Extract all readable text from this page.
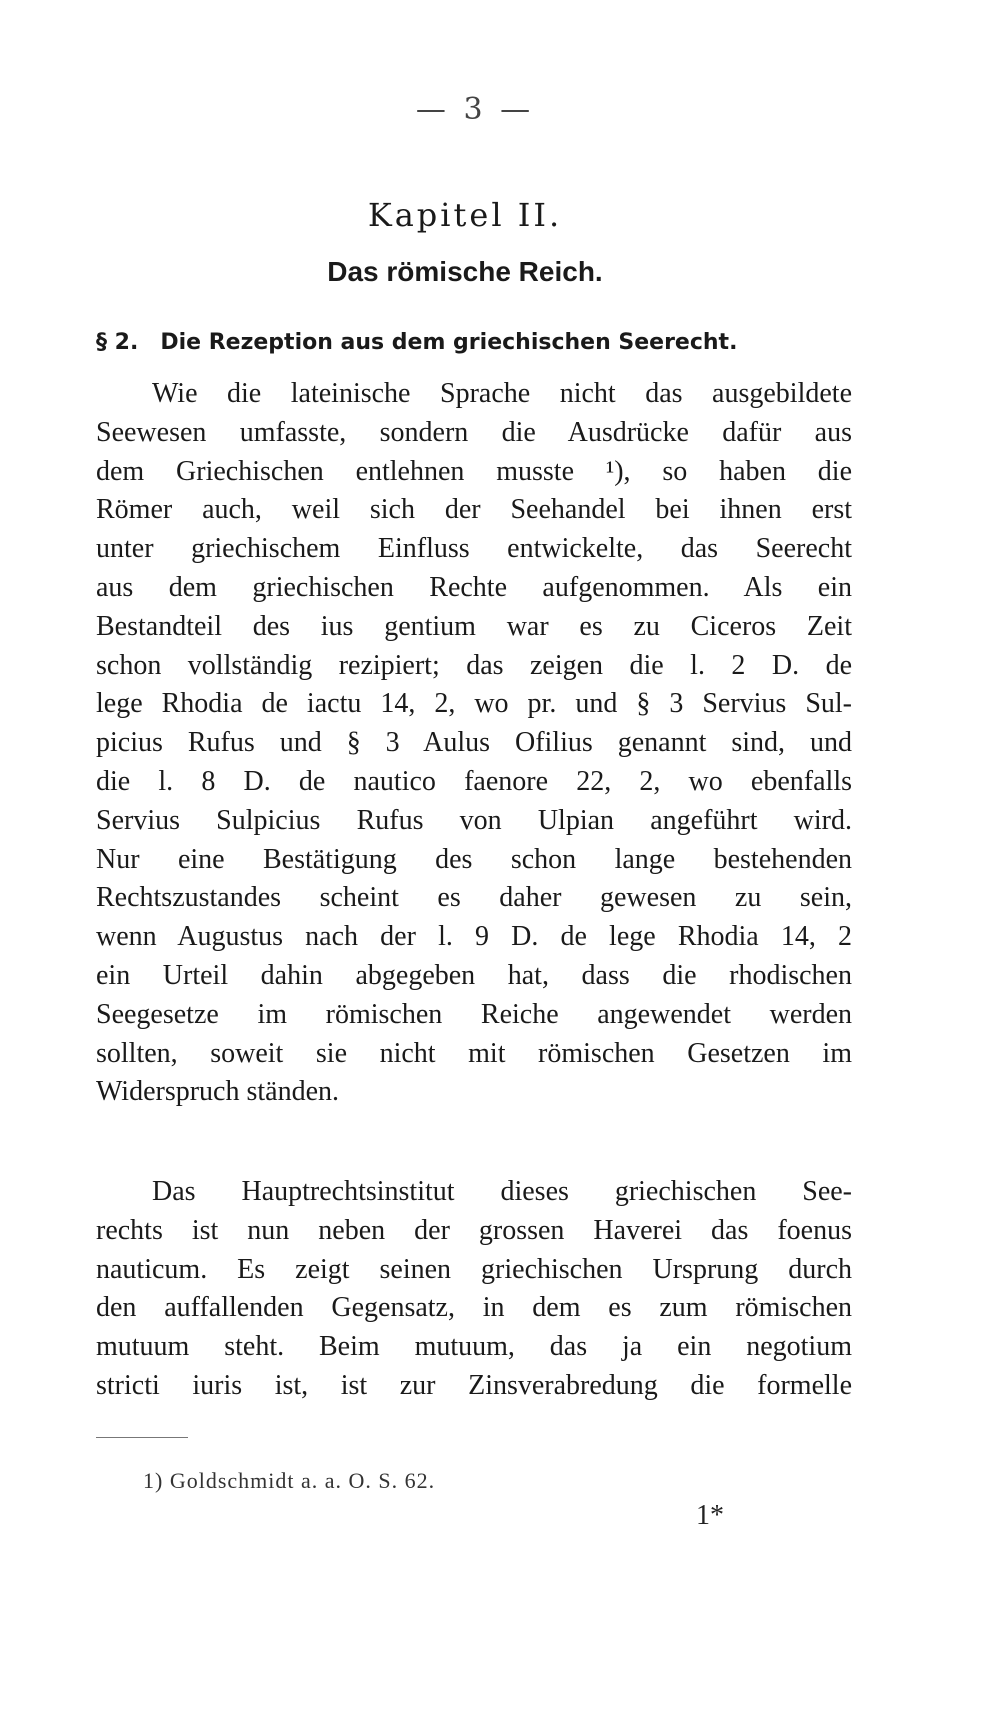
— 3 —
Kapitel II.
Das römische Reich.
§ 2. Die Rezeption aus dem griechischen Seerecht.
Wie die lateinische Sprache nicht das ausgebildete
Seewesen umfasste, sondern die Ausdrücke dafür aus
dem Griechischen entlehnen musste ¹), so haben die
Römer auch, weil sich der Seehandel bei ihnen erst
unter griechischem Einfluss entwickelte, das Seerecht
aus dem griechischen Rechte aufgenommen. Als ein
Bestandteil des ius gentium war es zu Ciceros Zeit
schon vollständig rezipiert; das zeigen die l. 2 D. de
lege Rhodia de iactu 14, 2, wo pr. und § 3 Servius Sul-
picius Rufus und § 3 Aulus Ofilius genannt sind, und
die l. 8 D. de nautico faenore 22, 2, wo ebenfalls
Servius Sulpicius Rufus von Ulpian angeführt wird.
Nur eine Bestätigung des schon lange bestehenden
Rechtszustandes scheint es daher gewesen zu sein,
wenn Augustus nach der l. 9 D. de lege Rhodia 14, 2
ein Urteil dahin abgegeben hat, dass die rhodischen
Seegesetze im römischen Reiche angewendet werden
sollten, soweit sie nicht mit römischen Gesetzen im
Widerspruch ständen.
Das Hauptrechtsinstitut dieses griechischen See-
rechts ist nun neben der grossen Haverei das foenus
nauticum. Es zeigt seinen griechischen Ursprung durch
den auffallenden Gegensatz, in dem es zum römischen
mutuum steht. Beim mutuum, das ja ein negotium
stricti iuris ist, ist zur Zinsverabredung die formelle
1) Goldschmidt a. a. O. S. 62.
1*
